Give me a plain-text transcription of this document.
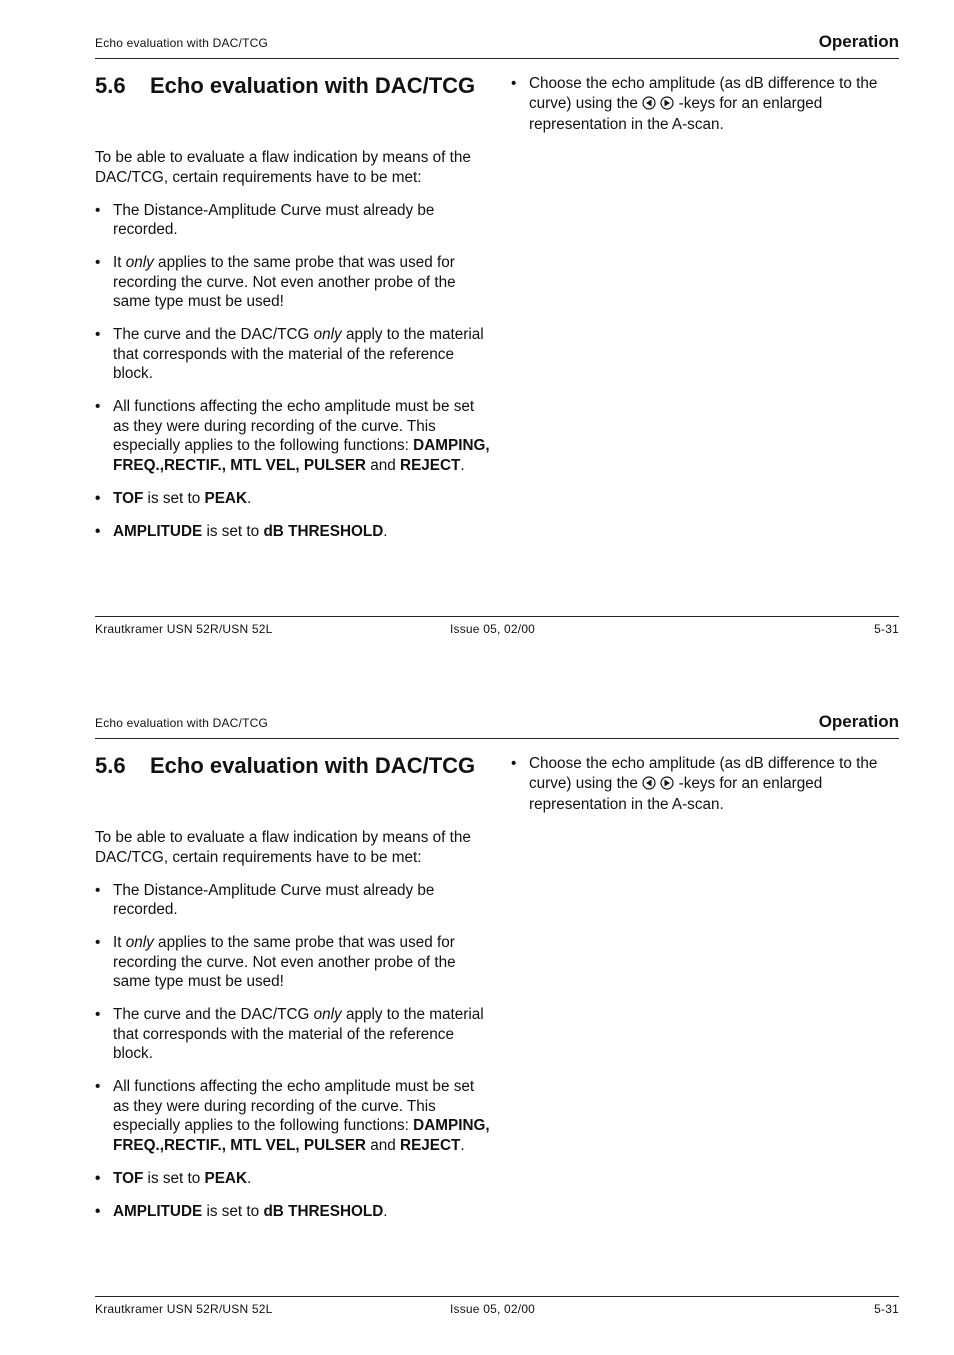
Echo evaluation with DAC/TCG	Operation
5.6	Echo evaluation with DAC/TCG

To be able to evaluate a flaw indication by means of the DAC/TCG, certain requirements have to be met:

• The Distance-Amplitude Curve must already be recorded.
• It only applies to the same probe that was used for recording the curve. Not even another probe of the same type must be used!
• The curve and the DAC/TCG only apply to the material that corresponds with the material of the reference block.
• All functions affecting the echo amplitude must be set as they were during recording of the curve. This especially applies to the following functions: DAMPING, FREQ.,RECTIF., MTL VEL, PULSER and REJECT.
• TOF is set to PEAK.
• AMPLITUDE is set to dB THRESHOLD.
• Choose the echo amplitude (as dB difference to the curve) using the   -keys for an enlarged representation in the A-scan.
Krautkramer USN 52R/USN 52L	Issue 05, 02/00	5-31
Echo evaluation with DAC/TCG	Operation
5.6	Echo evaluation with DAC/TCG

To be able to evaluate a flaw indication by means of the DAC/TCG, certain requirements have to be met:

• The Distance-Amplitude Curve must already be recorded.
• It only applies to the same probe that was used for recording the curve. Not even another probe of the same type must be used!
• The curve and the DAC/TCG only apply to the material that corresponds with the material of the reference block.
• All functions affecting the echo amplitude must be set as they were during recording of the curve. This especially applies to the following functions: DAMPING, FREQ.,RECTIF., MTL VEL, PULSER and REJECT.
• TOF is set to PEAK.
• AMPLITUDE is set to dB THRESHOLD.
• Choose the echo amplitude (as dB difference to the curve) using the   -keys for an enlarged representation in the A-scan.
Krautkramer USN 52R/USN 52L	Issue 05, 02/00	5-31
